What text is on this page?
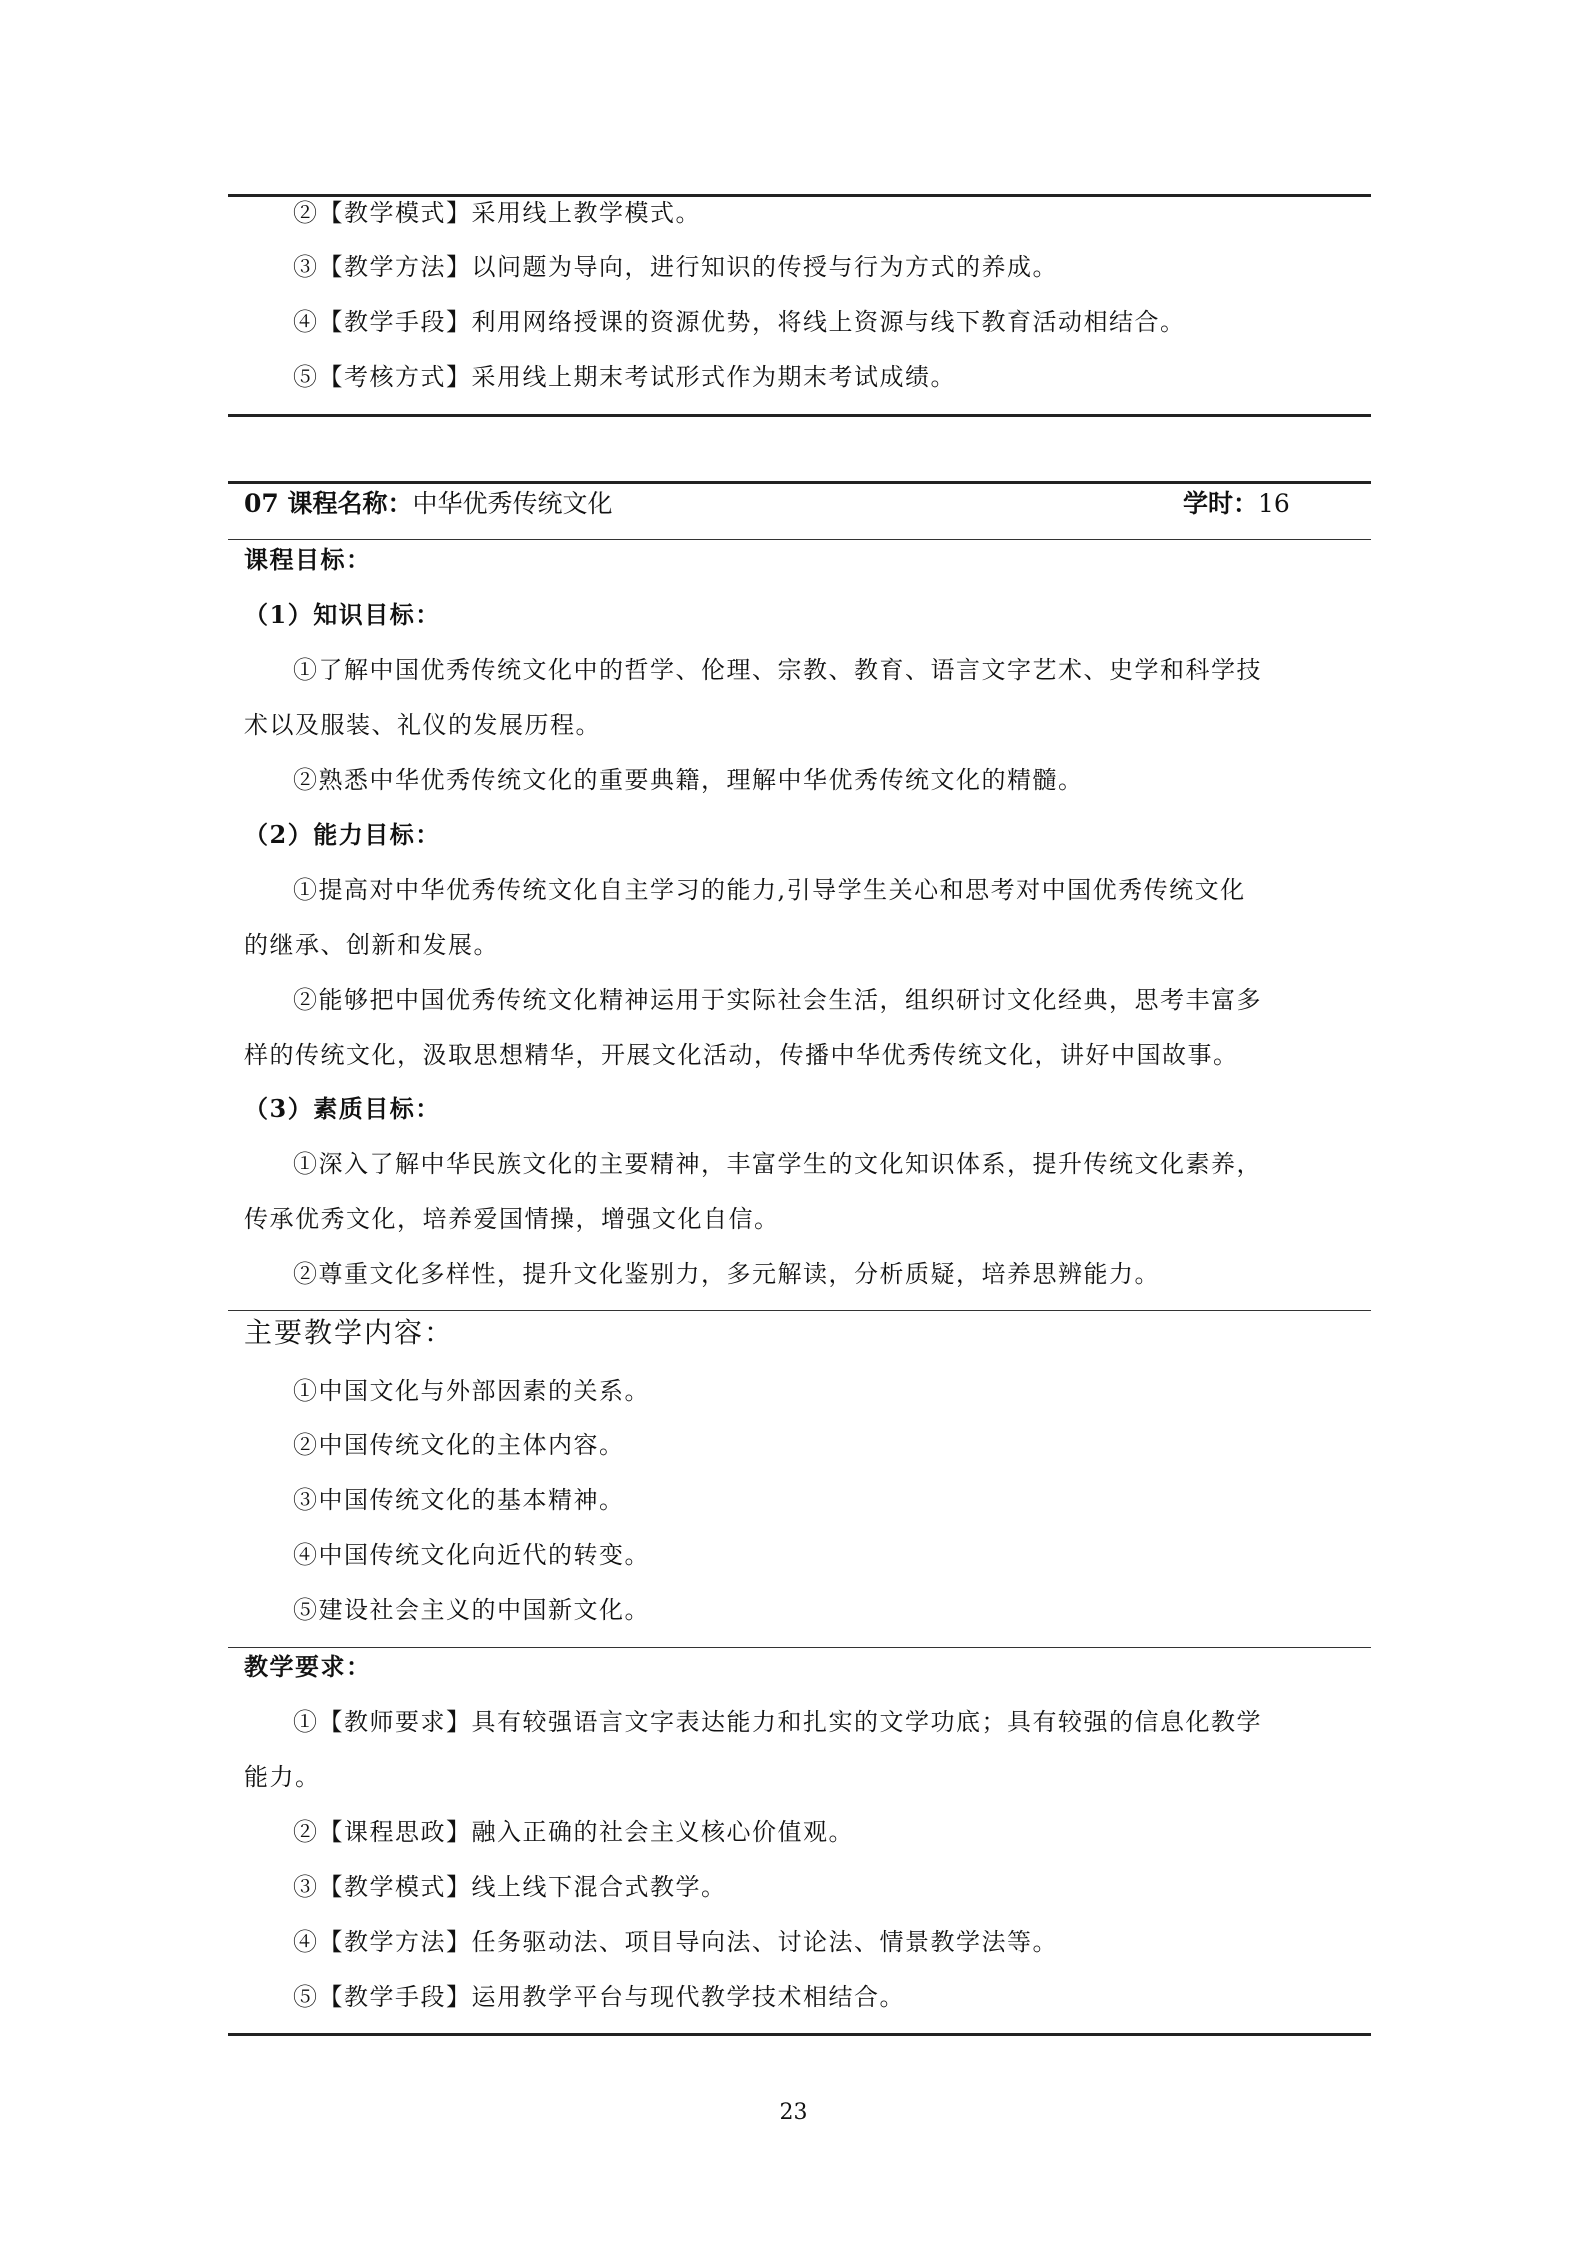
②【教学模式】采用线上教学模式。
③【教学方法】以问题为导向，进行知识的传授与行为方式的养成。
④【教学手段】利用网络授课的资源优势，将线上资源与线下教育活动相结合。
⑤【考核方式】采用线上期末考试形式作为期末考试成绩。
07 课程名称：中华优秀传统文化	学时：16
课程目标：
（1）知识目标：
①了解中国优秀传统文化中的哲学、伦理、宗教、教育、语言文字艺术、史学和科学技
术以及服装、礼仪的发展历程。
②熟悉中华优秀传统文化的重要典籍，理解中华优秀传统文化的精髓。
（2）能力目标：
①提高对中华优秀传统文化自主学习的能力,引导学生关心和思考对中国优秀传统文化
的继承、创新和发展。
②能够把中国优秀传统文化精神运用于实际社会生活，组织研讨文化经典，思考丰富多
样的传统文化，汲取思想精华，开展文化活动，传播中华优秀传统文化，讲好中国故事。
（3）素质目标：
①深入了解中华民族文化的主要精神，丰富学生的文化知识体系，提升传统文化素养，
传承优秀文化，培养爱国情操，增强文化自信。
②尊重文化多样性，提升文化鉴别力，多元解读，分析质疑，培养思辨能力。
主要教学内容：
①中国文化与外部因素的关系。
②中国传统文化的主体内容。
③中国传统文化的基本精神。
④中国传统文化向近代的转变。
⑤建设社会主义的中国新文化。
教学要求：
①【教师要求】具有较强语言文字表达能力和扎实的文学功底；具有较强的信息化教学
能力。
②【课程思政】融入正确的社会主义核心价值观。
③【教学模式】线上线下混合式教学。
④【教学方法】任务驱动法、项目导向法、讨论法、情景教学法等。
⑤【教学手段】运用教学平台与现代教学技术相结合。
23
